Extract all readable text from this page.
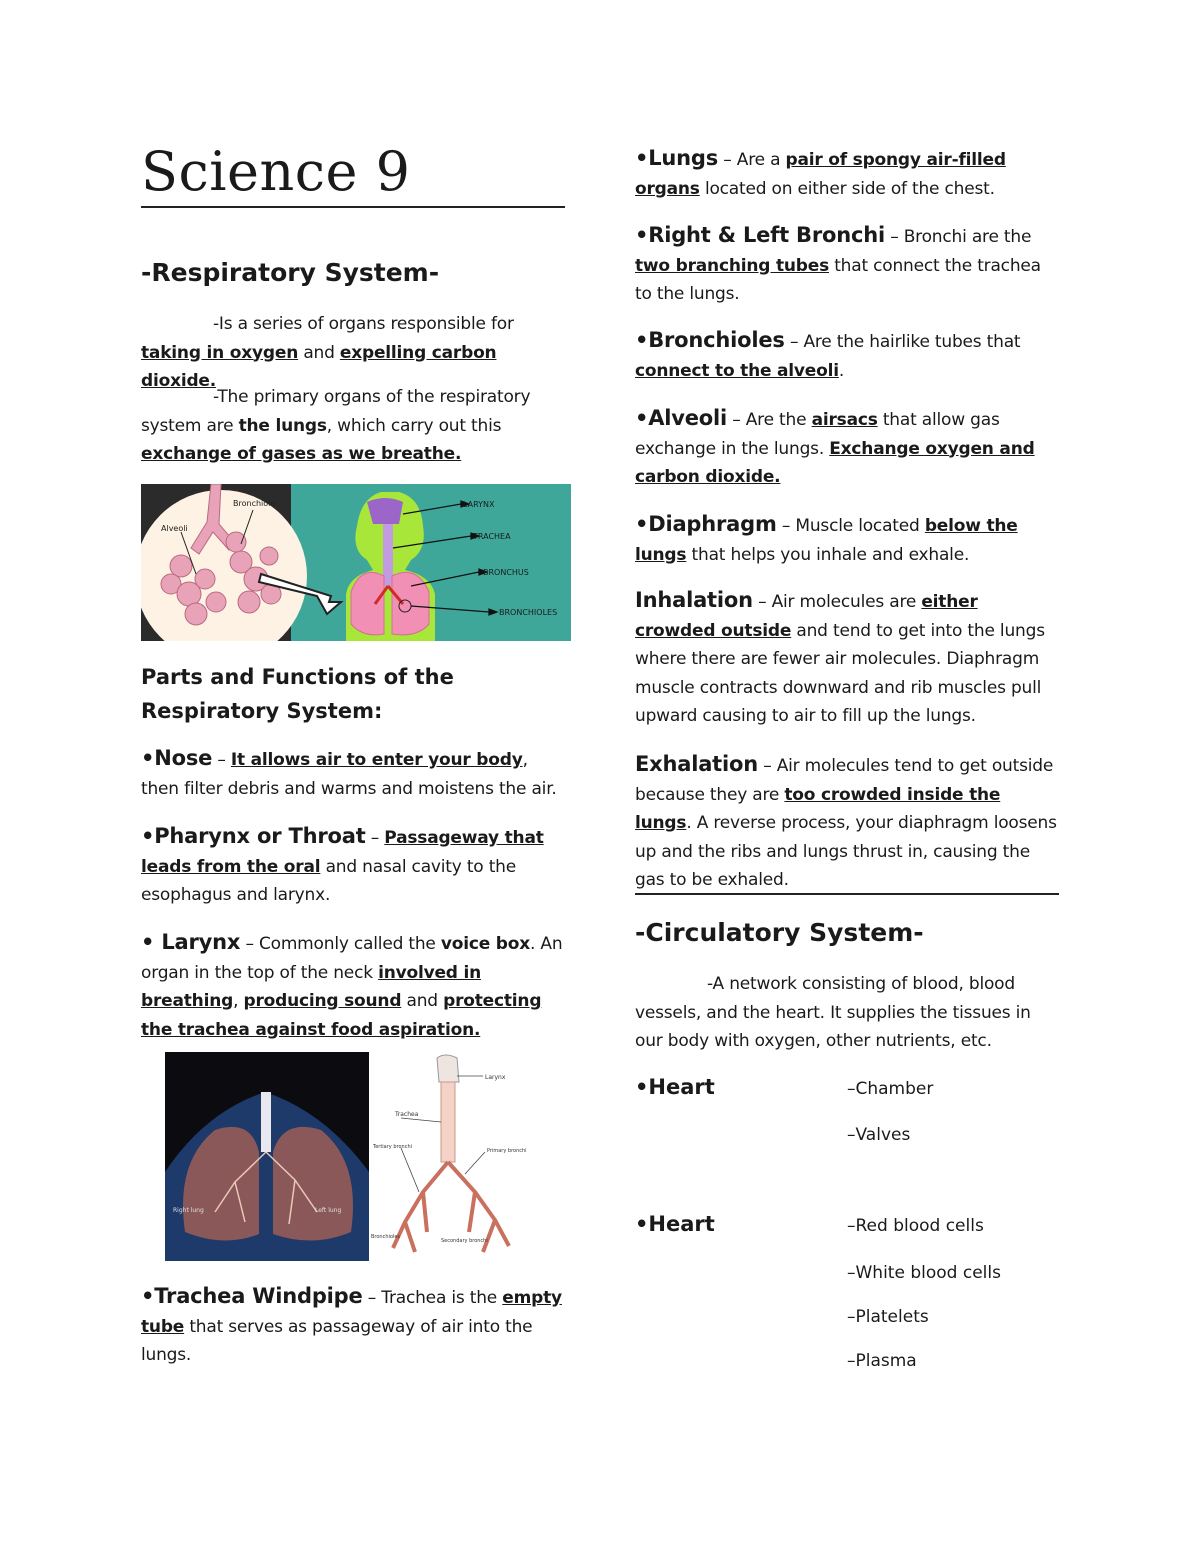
Science 9
-Respiratory System-

-Is a series of organs responsible for taking in oxygen and expelling carbon dioxide.

-The primary organs of the respiratory system are the lungs, which carry out this exchange of gases as we breathe.

Alveoli
Bronchiole	LARYNX
TRACHEA
BRONCHUS
BRONCHIOLES
Parts and Functions of the Respiratory System:

•Nose – It allows air to enter your body, then filter debris and warms and moistens the air.

•Pharynx or Throat – Passageway that leads from the oral and nasal cavity to the esophagus and larynx.

• Larynx – Commonly called the voice box. An organ in the top of the neck involved in breathing, producing sound and protecting the trachea against food aspiration.

Right lung	Left lung
Larynx
Trachea
Tertiary bronchi
Primary bronchi
Bronchioles
Secondary bronchi

•Trachea Windpipe – Trachea is the empty tube that serves as passageway of air into the lungs.

•Lungs – Are a pair of spongy air-filled organs located on either side of the chest.

•Right & Left Bronchi – Bronchi are the two branching tubes that connect the trachea to the lungs.

•Bronchioles – Are the hairlike tubes that connect to the alveoli.

•Alveoli – Are the airsacs that allow gas exchange in the lungs. Exchange oxygen and carbon dioxide.

•Diaphragm – Muscle located below the lungs that helps you inhale and exhale.

Inhalation – Air molecules are either crowded outside and tend to get into the lungs where there are fewer air molecules. Diaphragm muscle contracts downward and rib muscles pull upward causing to air to fill up the lungs.

Exhalation – Air molecules tend to get outside because they are too crowded inside the lungs. A reverse process, your diaphragm loosens up and the ribs and lungs thrust in, causing the gas to be exhaled.

-Circulatory System-

-A network consisting of blood, blood vessels, and the heart. It supplies the tissues in our body with oxygen, other nutrients, etc.

•Heart	–Chamber
–Valves
•Heart	–Red blood cells
–White blood cells
–Platelets
–Plasma
